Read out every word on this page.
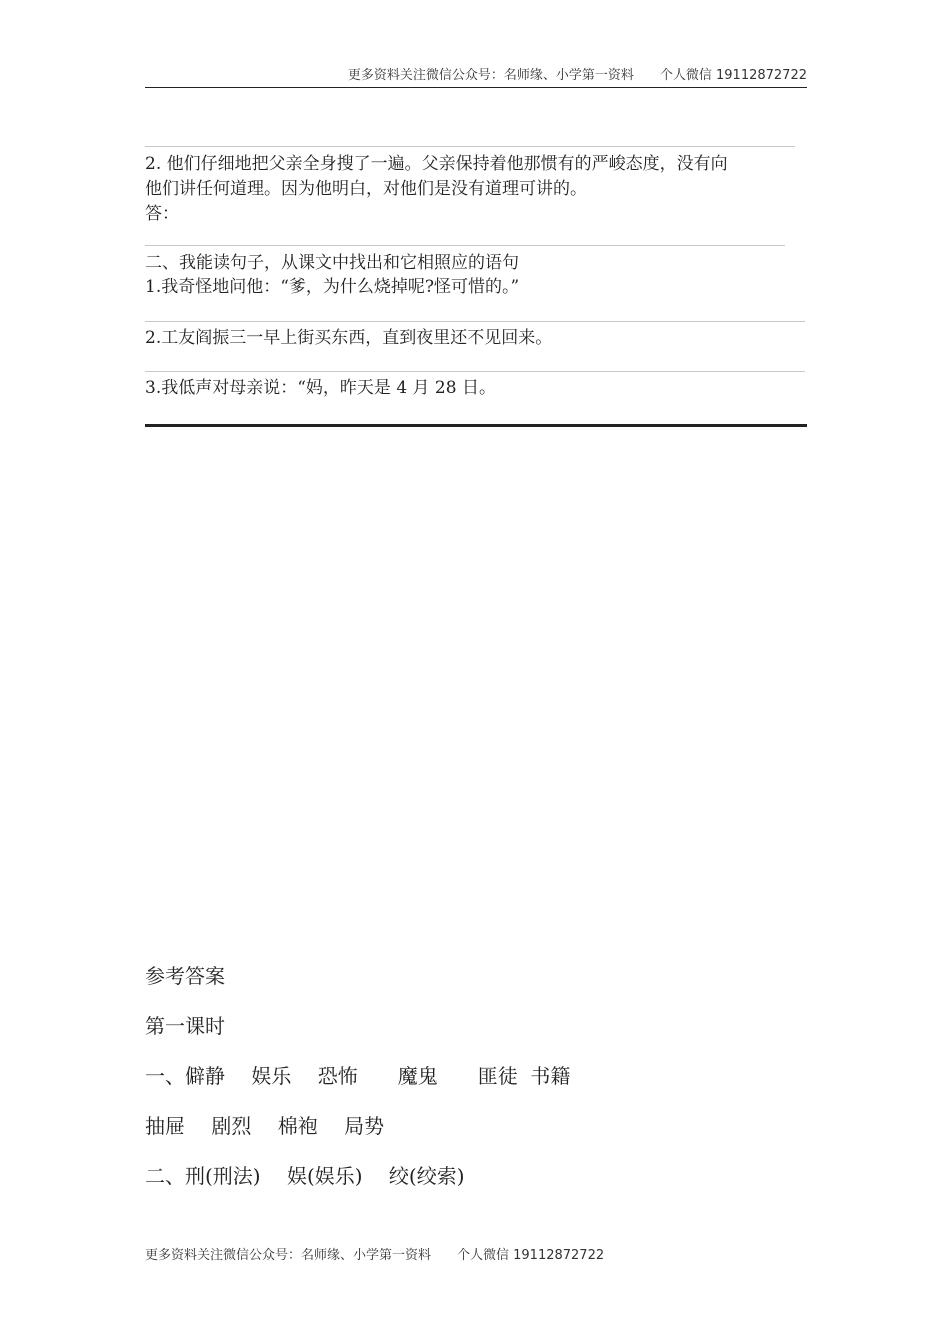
更多资料关注微信公众号：名师缘、小学第一资料　　个人微信 19112872722
2. 他们仔细地把父亲全身搜了一遍。父亲保持着他那惯有的严峻态度，没有向
他们讲任何道理。因为他明白，对他们是没有道理可讲的。
答：
二、我能读句子，从课文中找出和它相照应的语句
1.我奇怪地问他：“爹，为什么烧掉呢?怪可惜的。”
2.工友阎振三一早上街买东西，直到夜里还不见回来。
3.我低声对母亲说：“妈，昨天是 4 月 28 日。
参考答案
第一课时
一、僻静　 娱乐　 恐怖　　魔鬼　　匪徒  书籍
抽屉　 剧烈　 棉袍　 局势
二、刑(刑法)　 娱(娱乐)　 绞(绞索)
更多资料关注微信公众号：名师缘、小学第一资料　　个人微信 19112872722
